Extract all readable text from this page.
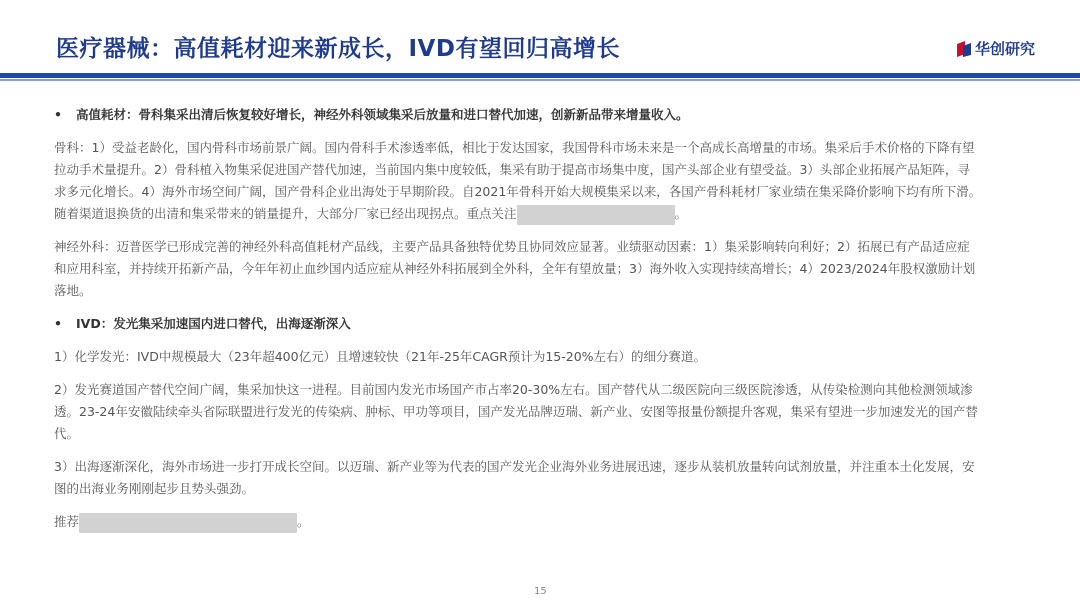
医疗器械：高值耗材迎来新成长，IVD有望回归高增长	华创研究
•	高值耗材：骨科集采出清后恢复较好增长，神经外科领域集采后放量和进口替代加速，创新新品带来增量收入。
骨科：1）受益老龄化，国内骨科市场前景广阔。国内骨科手术渗透率低，相比于发达国家，我国骨科市场未来是一个高成长高增量的市场。集采后手术价格的下降有望
拉动手术量提升。2）骨科植入物集采促进国产替代加速，当前国内集中度较低，集采有助于提高市场集中度，国产头部企业有望受益。3）头部企业拓展产品矩阵，寻
求多元化增长。4）海外市场空间广阔，国产骨科企业出海处于早期阶段。自2021年骨科开始大规模集采以来，各国产骨科耗材厂家业绩在集采降价影响下均有所下滑。
随着渠道退换货的出清和集采带来的销量提升，大部分厂家已经出现拐点。重点关注	。
神经外科：迈普医学已形成完善的神经外科高值耗材产品线，主要产品具备独特优势且协同效应显著。业绩驱动因素：1）集采影响转向利好；2）拓展已有产品适应症
和应用科室，并持续开拓新产品，今年年初止血纱国内适应症从神经外科拓展到全外科，全年有望放量；3）海外收入实现持续高增长；4）2023/2024年股权激励计划
落地。
•	IVD：发光集采加速国内进口替代，出海逐渐深入
1）化学发光：IVD中规模最大（23年超400亿元）且增速较快（21年-25年CAGR预计为15-20%左右）的细分赛道。
2）发光赛道国产替代空间广阔，集采加快这一进程。目前国内发光市场国产市占率20-30%左右。国产替代从二级医院向三级医院渗透，从传染检测向其他检测领域渗
透。23-24年安徽陆续牵头省际联盟进行发光的传染病、肿标、甲功等项目，国产发光品牌迈瑞、新产业、安图等报量份额提升客观，集采有望进一步加速发光的国产替
代。
3）出海逐渐深化，海外市场进一步打开成长空间。以迈瑞、新产业等为代表的国产发光企业海外业务进展迅速，逐步从装机放量转向试剂放量，并注重本土化发展，安
图的出海业务刚刚起步且势头强劲。
推荐	。
15
